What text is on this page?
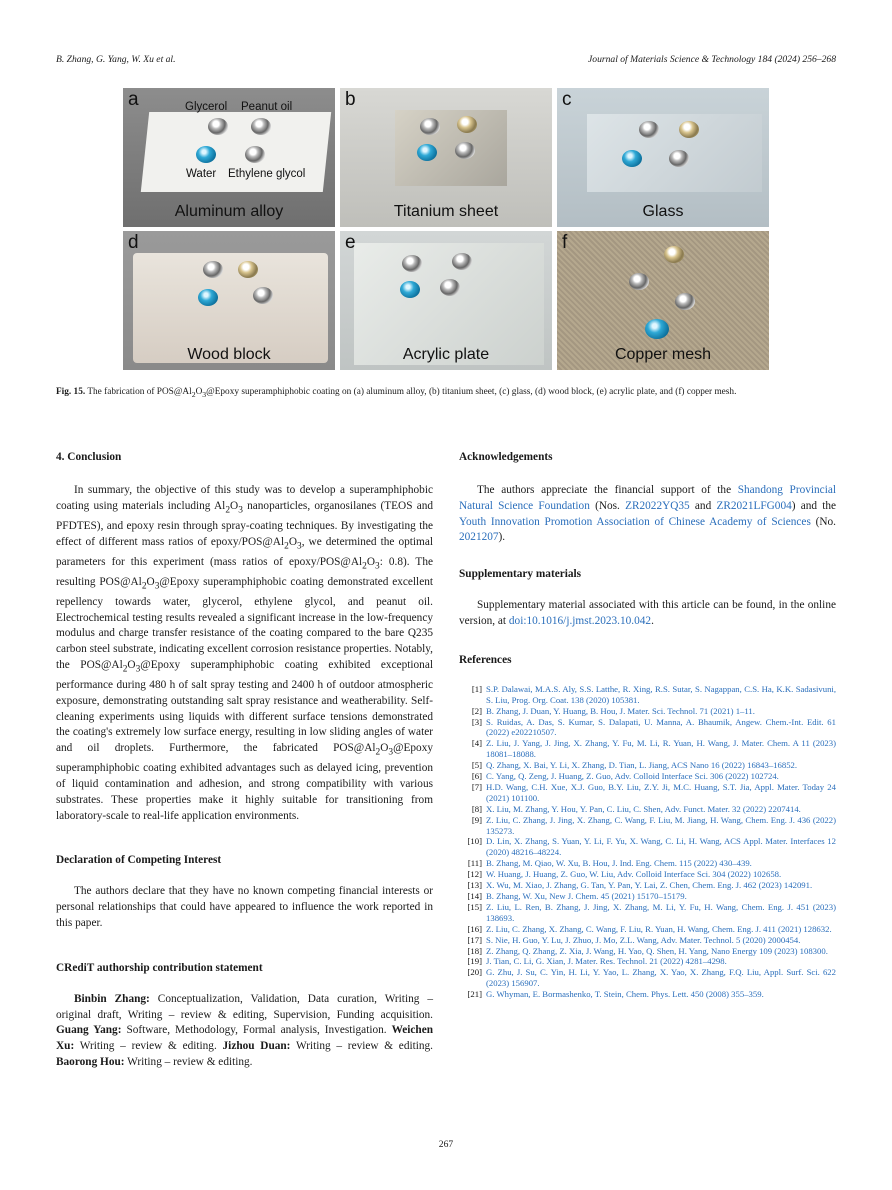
B. Zhang, G. Yang, W. Xu et al.	Journal of Materials Science & Technology 184 (2024) 256–268
Glycerol Peanut oil
Water Ethylene glycol
a
Aluminum alloy
b
Titanium sheet
c
Glass
d
Wood block
e
Acrylic plate
f
Copper mesh
Fig. 15. The fabrication of $POS@Al_2O_3@Epoxy$ superamphiphobic coating on (a) aluminum alloy, (b) titanium sheet, (c) glass, (d) wood block, (e) acrylic plate, and (f) copper mesh.
4. Conclusion

In summary, the objective of this study was to develop a superamphiphobic coating using materials including $Al_2O_3$ nanoparticles, organosilanes (TEOS and PFDTES), and epoxy resin through spray-coating techniques. By investigating the effect of different mass ratios of epoxy/$POS@Al_2O_3$, we determined the optimal parameters for this experiment (mass ratios of epoxy/$POS@Al_2O_3$: 0.8). The resulting $POS@Al_2O_3@Epoxy$ superamphiphobic coating demonstrated excellent repellency towards water, glycerol, ethylene glycol, and peanut oil. Electrochemical testing results revealed a significant increase in the low-frequency modulus and charge transfer resistance of the coating compared to the bare Q235 carbon steel substrate, indicating excellent corrosion resistance properties. Notably, the $POS@Al_2O_3@Epoxy$ superamphiphobic coating exhibited exceptional performance during 480 h of salt spray testing and 2400 h of outdoor atmospheric exposure, demonstrating outstanding salt spray resistance and weatherability. Self-cleaning experiments using liquids with different surface tensions demonstrated the coating's extremely low surface energy, resulting in low sliding angles of water and oil droplets. Furthermore, the fabricated $POS@Al_2O_3@Epoxy$ superamphiphobic coating exhibited advantages such as delayed icing, prevention of liquid contamination and adhesion, and strong compatibility with various substrates. These properties make it highly suitable for transitioning from laboratory-scale to real-life application environments.

Declaration of Competing Interest

The authors declare that they have no known competing financial interests or personal relationships that could have appeared to influence the work reported in this paper.

CRediT authorship contribution statement

Binbin Zhang: Conceptualization, Validation, Data curation, Writing – original draft, Writing – review & editing, Supervision, Funding acquisition. Guang Yang: Software, Methodology, Formal analysis, Investigation. Weichen Xu: Writing – review & editing. Jizhou Duan: Writing – review & editing. Baorong Hou: Writing – review & editing.

Acknowledgements

The authors appreciate the financial support of the Shandong Provincial Natural Science Foundation (Nos. ZR2022YQ35 and ZR2021LFG004) and the Youth Innovation Promotion Association of Chinese Academy of Sciences (No. 2021207).

Supplementary materials

Supplementary material associated with this article can be found, in the online version, at doi:10.1016/j.jmst.2023.10.042.

References
[1] S.P. Dalawai, M.A.S. Aly, S.S. Latthe, R. Xing, R.S. Sutar, S. Nagappan, C.S. Ha, K.K. Sadasivuni, S. Liu, Prog. Org. Coat. 138 (2020) 105381.
[2] B. Zhang, J. Duan, Y. Huang, B. Hou, J. Mater. Sci. Technol. 71 (2021) 1–11.
[3] S. Ruidas, A. Das, S. Kumar, S. Dalapati, U. Manna, A. Bhaumik, Angew. Chem.-Int. Edit. 61 (2022) e202210507.
[4] Z. Liu, J. Yang, J. Jing, X. Zhang, Y. Fu, M. Li, R. Yuan, H. Wang, J. Mater. Chem. A 11 (2023) 18081–18088.
[5] Q. Zhang, X. Bai, Y. Li, X. Zhang, D. Tian, L. Jiang, ACS Nano 16 (2022) 16843–16852.
[6] C. Yang, Q. Zeng, J. Huang, Z. Guo, Adv. Colloid Interface Sci. 306 (2022) 102724.
[7] H.D. Wang, C.H. Xue, X.J. Guo, B.Y. Liu, Z.Y. Ji, M.C. Huang, S.T. Jia, Appl. Mater. Today 24 (2021) 101100.
[8] X. Liu, M. Zhang, Y. Hou, Y. Pan, C. Liu, C. Shen, Adv. Funct. Mater. 32 (2022) 2207414.
[9] Z. Liu, C. Zhang, J. Jing, X. Zhang, C. Wang, F. Liu, M. Jiang, H. Wang, Chem. Eng. J. 436 (2022) 135273.
[10] D. Lin, X. Zhang, S. Yuan, Y. Li, F. Yu, X. Wang, C. Li, H. Wang, ACS Appl. Mater. Interfaces 12 (2020) 48216–48224.
[11] B. Zhang, M. Qiao, W. Xu, B. Hou, J. Ind. Eng. Chem. 115 (2022) 430–439.
[12] W. Huang, J. Huang, Z. Guo, W. Liu, Adv. Colloid Interface Sci. 304 (2022) 102658.
[13] X. Wu, M. Xiao, J. Zhang, G. Tan, Y. Pan, Y. Lai, Z. Chen, Chem. Eng. J. 462 (2023) 142091.
[14] B. Zhang, W. Xu, New J. Chem. 45 (2021) 15170–15179.
[15] Z. Liu, L. Ren, B. Zhang, J. Jing, X. Zhang, M. Li, Y. Fu, H. Wang, Chem. Eng. J. 451 (2023) 138693.
[16] Z. Liu, C. Zhang, X. Zhang, C. Wang, F. Liu, R. Yuan, H. Wang, Chem. Eng. J. 411 (2021) 128632.
[17] S. Nie, H. Guo, Y. Lu, J. Zhuo, J. Mo, Z.L. Wang, Adv. Mater. Technol. 5 (2020) 2000454.
[18] Z. Zhang, Q. Zhang, Z. Xia, J. Wang, H. Yao, Q. Shen, H. Yang, Nano Energy 109 (2023) 108300.
[19] J. Tian, C. Li, G. Xian, J. Mater. Res. Technol. 21 (2022) 4281–4298.
[20] G. Zhu, J. Su, C. Yin, H. Li, Y. Yao, L. Zhang, X. Yao, X. Zhang, F.Q. Liu, Appl. Surf. Sci. 622 (2023) 156907.
[21] G. Whyman, E. Bormashenko, T. Stein, Chem. Phys. Lett. 450 (2008) 355–359.
267
